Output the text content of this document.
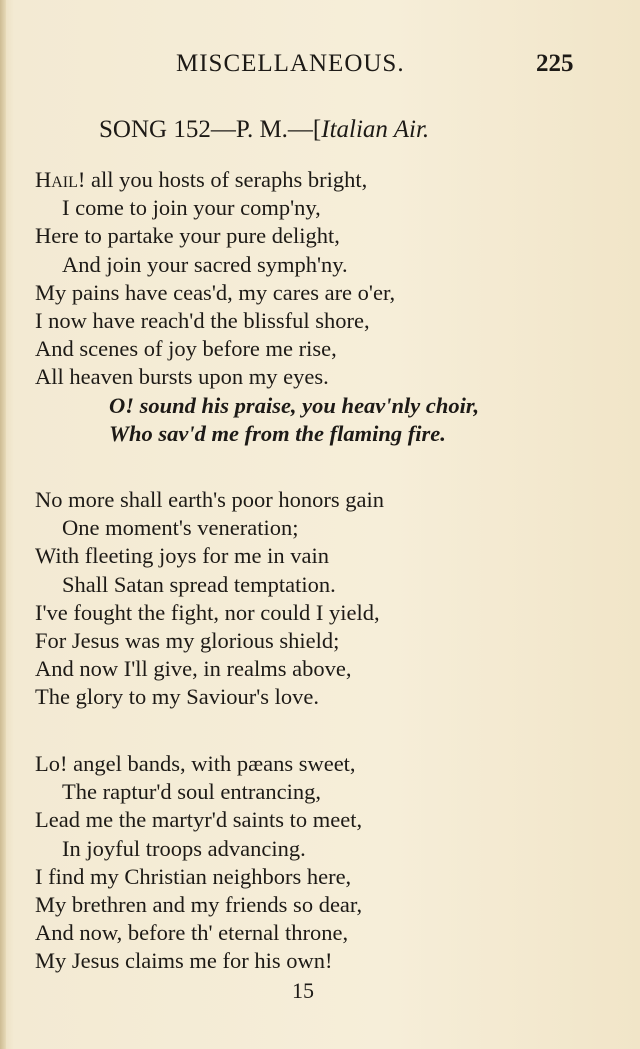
MISCELLANEOUS.	225
SONG 152—P. M.—[Italian Air.
Hail! all you hosts of seraphs bright,
I come to join your comp'ny,
Here to partake your pure delight,
And join your sacred symph'ny.
My pains have ceas'd, my cares are o'er,
I now have reach'd the blissful shore,
And scenes of joy before me rise,
All heaven bursts upon my eyes.
O! sound his praise, you heav'nly choir,
Who sav'd me from the flaming fire.
No more shall earth's poor honors gain
One moment's veneration;
With fleeting joys for me in vain
Shall Satan spread temptation.
I've fought the fight, nor could I yield,
For Jesus was my glorious shield;
And now I'll give, in realms above,
The glory to my Saviour's love.
Lo! angel bands, with pæans sweet,
The raptur'd soul entrancing,
Lead me the martyr'd saints to meet,
In joyful troops advancing.
I find my Christian neighbors here,
My brethren and my friends so dear,
And now, before th' eternal throne,
My Jesus claims me for his own!
15
